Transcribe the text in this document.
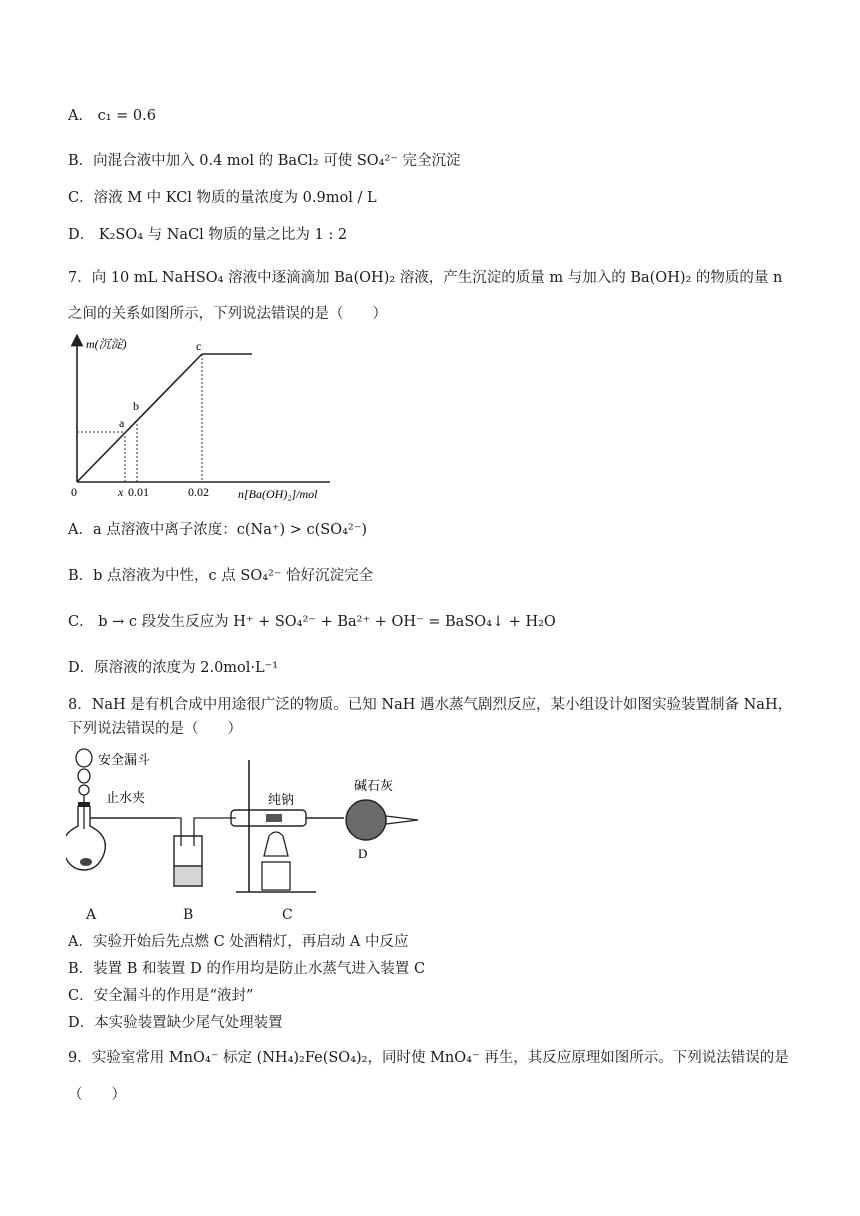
A． c₁ = 0.6
B．向混合液中加入 0.4 mol 的 BaCl₂ 可使 SO₄²⁻ 完全沉淀
C．溶液 M 中 KCl 物质的量浓度为 0.9mol / L
D． K₂SO₄ 与 NaCl 物质的量之比为 1 : 2
7．向 10 mL NaHSO₄ 溶液中逐滴滴加 Ba(OH)₂ 溶液，产生沉淀的质量 m 与加入的 Ba(OH)₂ 的物质的量 n
之间的关系如图所示，下列说法错误的是（　　）
m(沉淀)
n[Ba(OH)₂]/mol
0	x 0.01	0.02
a
b
c
A．a 点溶液中离子浓度：c(Na⁺) > c(SO₄²⁻)
B．b 点溶液为中性，c 点 SO₄²⁻ 恰好沉淀完全
C． b → c 段发生反应为 H⁺ + SO₄²⁻ + Ba²⁺ + OH⁻ = BaSO₄↓ + H₂O
D．原溶液的浓度为 2.0mol·L⁻¹
8．NaH 是有机合成中用途很广泛的物质。已知 NaH 遇水蒸气剧烈反应，某小组设计如图实验装置制备 NaH，
下列说法错误的是（　　）
安全漏斗
止水夹	纯钠
碱石灰
D
A	B	C
A．实验开始后先点燃 C 处酒精灯，再启动 A 中反应
B．装置 B 和装置 D 的作用均是防止水蒸气进入装置 C
C．安全漏斗的作用是“液封”
D．本实验装置缺少尾气处理装置
9．实验室常用 MnO₄⁻ 标定 (NH₄)₂Fe(SO₄)₂，同时使 MnO₄⁻ 再生，其反应原理如图所示。下列说法错误的是
（　　）
